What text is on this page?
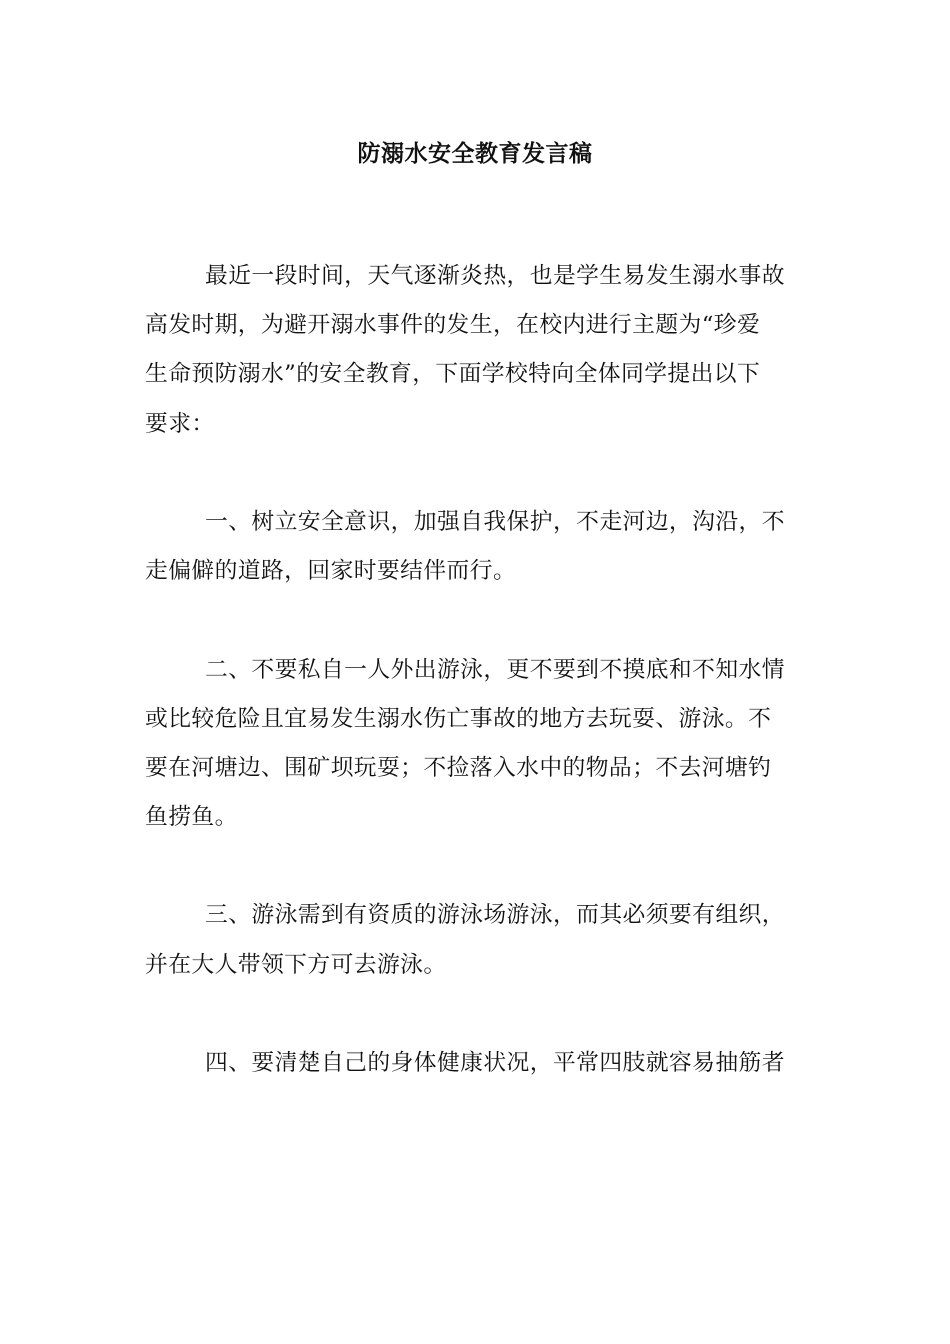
防溺水安全教育发言稿
最近一段时间，天气逐渐炎热，也是学生易发生溺水事故
高发时期，为避开溺水事件的发生，在校内进行主题为“珍爱
生命预防溺水”的安全教育，下面学校特向全体同学提出以下
要求：
一、树立安全意识，加强自我保护，不走河边，沟沿，不
走偏僻的道路，回家时要结伴而行。
二、不要私自一人外出游泳，更不要到不摸底和不知水情
或比较危险且宜易发生溺水伤亡事故的地方去玩耍、游泳。不
要在河塘边、围矿坝玩耍；不捡落入水中的物品；不去河塘钓
鱼捞鱼。
三、游泳需到有资质的游泳场游泳，而其必须要有组织，
并在大人带领下方可去游泳。
四、要清楚自己的身体健康状况，平常四肢就容易抽筋者
